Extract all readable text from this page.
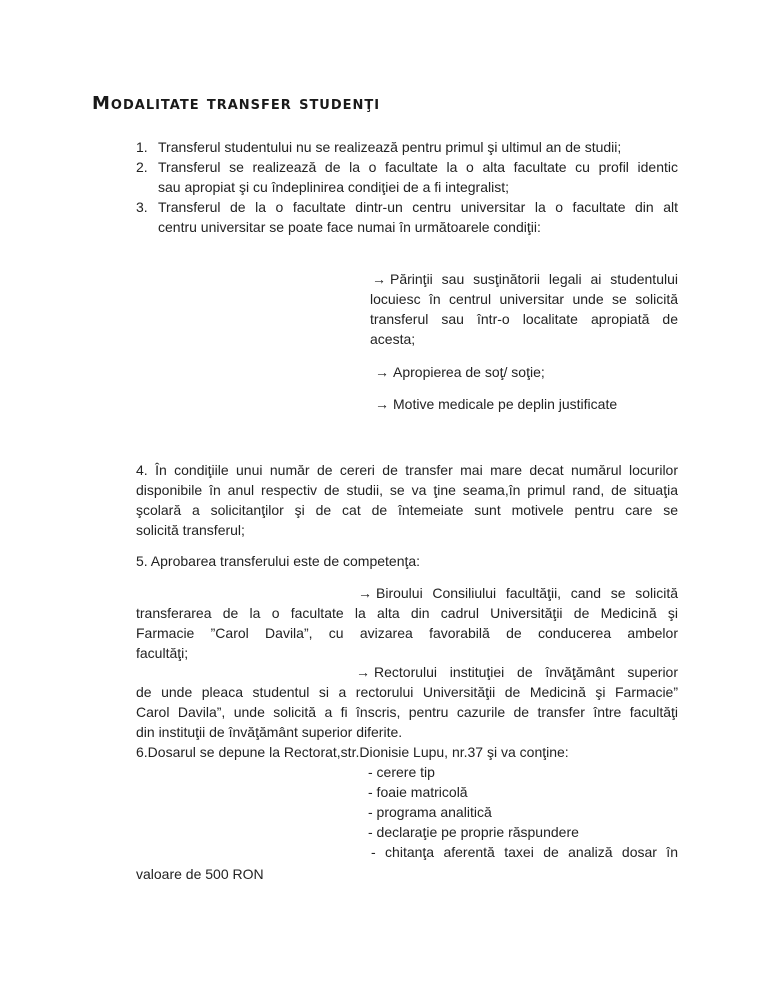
Modalitate transfer studenţi
1. Transferul studentului nu se realizează pentru primul şi ultimul an de studii;

2. Transferul se realizează de la o facultate la o alta facultate cu profil identic

sau apropiat şi cu îndeplinirea condiţiei de a fi integralist;

3. Transferul de la o facultate dintr-un centru universitar la o facultate din alt

centru universitar se poate face numai în următoarele condiţii:

→ Părinţii sau susţinătorii legali ai studentului

locuiesc în centrul universitar unde se solicită

transferul sau într-o localitate apropiată de

acesta;

→ Apropierea de soţ/ soţie;

→ Motive medicale pe deplin justificate

4. În condiţiile unui număr de cereri de transfer mai mare decat numărul locurilor

disponibile în anul respectiv de studii, se va ţine seama,în primul rand, de situaţia

şcolară a solicitanţilor şi de cat de întemeiate sunt motivele pentru care se

solicită transferul;

5. Aprobarea transferului este de competenţa:

→ Biroului Consiliului facultăţii, cand se solicită

transferarea de la o facultate la alta din cadrul Universităţii de Medicină şi

Farmacie ”Carol Davila”, cu avizarea favorabilă de conducerea ambelor

facultăţi;

→ Rectorului instituţiei de învăţământ superior

de unde pleaca studentul si a rectorului Universităţii de Medicină şi Farmacie”

Carol Davila”, unde solicită a fi înscris, pentru cazurile de transfer între facultăţi

din instituţii de învăţământ superior diferite.

6.Dosarul se depune la Rectorat,str.Dionisie Lupu, nr.37 şi va conţine:

- cerere tip

- foaie matricolă

- programa analitică

- declaraţie pe proprie răspundere

- chitanţa aferentă taxei de analiză dosar în

valoare de 500 RON
